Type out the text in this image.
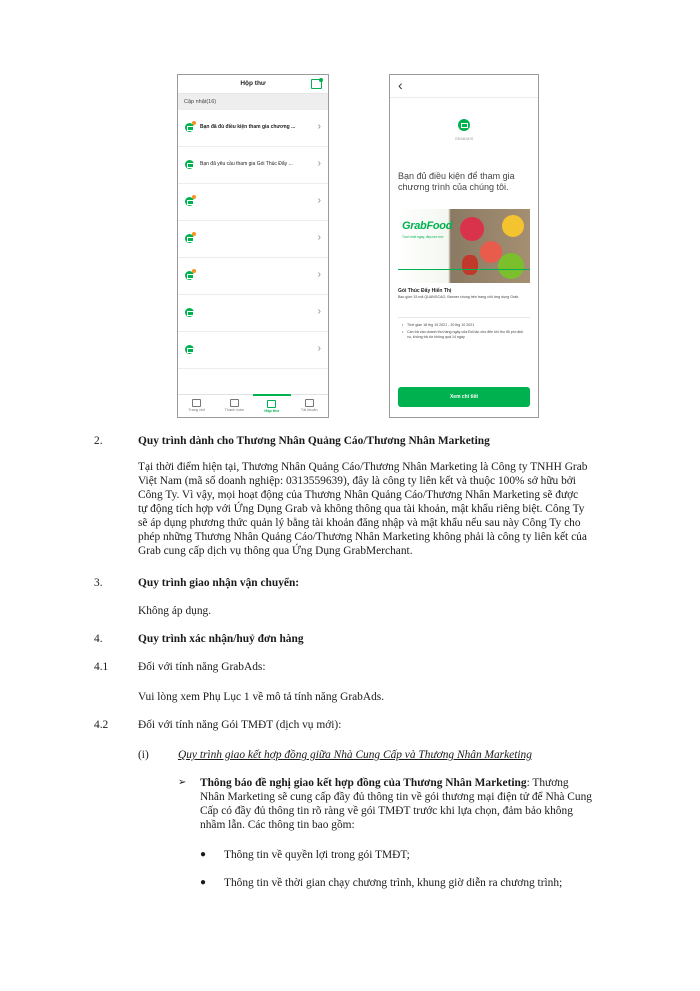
Hộp thư
Cập nhật(16)
Bạn đã đủ điều kiện tham gia chương ...	›
Bạn đã yêu cầu tham gia Gói Thúc Đẩy ...	›
›
›
›
›
›
Trang chủ	Thanh toán	Hộp thư	Tài khoản
‹
GRABADS
Bạn đủ điều kiện để tham gia chương trình của chúng tôi.
GrabFood
Tươi mát ngay, đẹp mơ mơ
Gói Thúc Đẩy Hiển Thị
Bao gồm 15 mã QUANGCAO, Banner chung trên trang chủ ứng dụng Grab.
• Thời gian 18 thg 10 2021 - 20 thg 10 2021
• Cần trả vào doanh thu hàng ngày của Đối tác cho đến khi thu đủ phí dịch vụ, không trả dư không quá 14 ngày
Xem chi tiết
2.	Quy trình dành cho Thương Nhân Quảng Cáo/Thương Nhân Marketing
Tại thời điểm hiện tại, Thương Nhân Quảng Cáo/Thương Nhân Marketing là Công ty TNHH Grab
Việt Nam (mã số doanh nghiệp: 0313559639), đây là công ty liên kết và thuộc 100% sở hữu bởi
Công Ty. Vì vậy, mọi hoạt động của Thương Nhân Quảng Cáo/Thương Nhân Marketing sẽ được
tự động tích hợp với Ứng Dụng Grab và không thông qua tài khoản, mật khẩu riêng biệt. Công Ty
sẽ áp dụng phương thức quản lý bằng tài khoản đăng nhập và mật khẩu nếu sau này Công Ty cho
phép những Thương Nhân Quảng Cáo/Thương Nhân Marketing không phải là công ty liên kết của
Grab cung cấp dịch vụ thông qua Ứng Dụng GrabMerchant.
3.	Quy trình giao nhận vận chuyển:
Không áp dụng.
4.	Quy trình xác nhận/huỷ đơn hàng
4.1	Đối với tính năng GrabAds:
Vui lòng xem Phụ Lục 1 về mô tả tính năng GrabAds.
4.2	Đối với tính năng Gói TMĐT (dịch vụ mới):
(i)	Quy trình giao kết hợp đồng giữa Nhà Cung Cấp và Thương Nhân Marketing
➢ Thông báo đề nghị giao kết hợp đồng của Thương Nhân Marketing: Thương
Nhân Marketing sẽ cung cấp đầy đủ thông tin về gói thương mại điện tử để Nhà Cung
Cấp có đầy đủ thông tin rõ ràng về gói TMĐT trước khi lựa chọn, đảm bảo không
nhầm lẫn. Các thông tin bao gồm:
● Thông tin về quyền lợi trong gói TMĐT;
● Thông tin về thời gian chạy chương trình, khung giờ diễn ra chương trình;
